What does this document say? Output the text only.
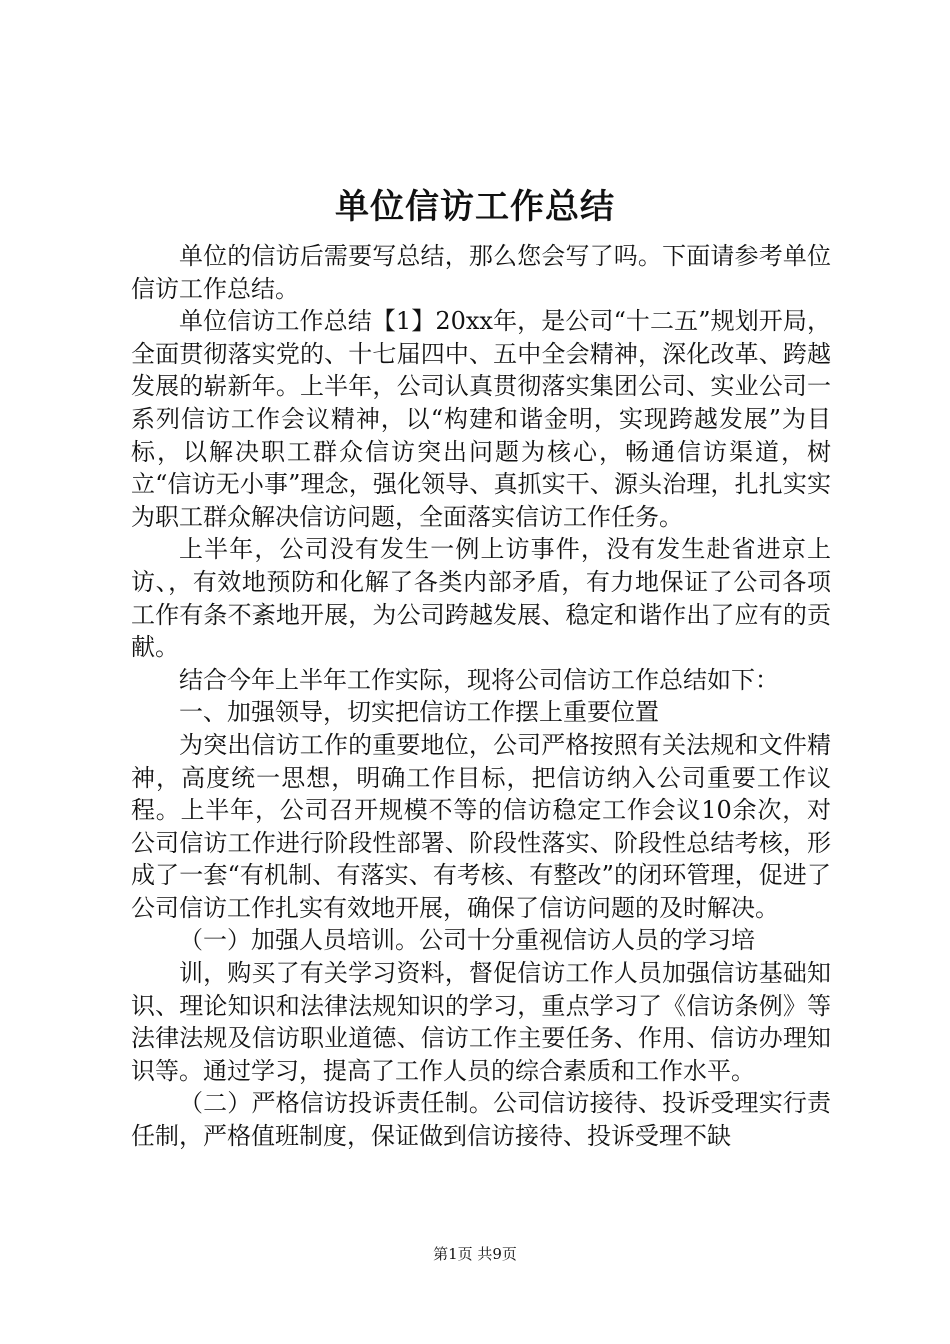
单位信访工作总结

单位的信访后需要写总结，那么您会写了吗。下面请参考单位信访工作总结。

单位信访工作总结【1】20xx年，是公司“十二五”规划开局，全面贯彻落实党的、十七届四中、五中全会精神，深化改革、跨越发展的崭新年。上半年，公司认真贯彻落实集团公司、实业公司一系列信访工作会议精神，以“构建和谐金明，实现跨越发展”为目标，以解决职工群众信访突出问题为核心，畅通信访渠道，树立“信访无小事”理念，强化领导、真抓实干、源头治理，扎扎实实为职工群众解决信访问题，全面落实信访工作任务。

上半年，公司没有发生一例上访事件，没有发生赴省进京上访、，有效地预防和化解了各类内部矛盾，有力地保证了公司各项工作有条不紊地开展，为公司跨越发展、稳定和谐作出了应有的贡献。

结合今年上半年工作实际，现将公司信访工作总结如下：

一、加强领导，切实把信访工作摆上重要位置

为突出信访工作的重要地位，公司严格按照有关法规和文件精神，高度统一思想，明确工作目标，把信访纳入公司重要工作议程。上半年，公司召开规模不等的信访稳定工作会议10余次，对公司信访工作进行阶段性部署、阶段性落实、阶段性总结考核，形成了一套“有机制、有落实、有考核、有整改”的闭环管理，促进了公司信访工作扎实有效地开展，确保了信访问题的及时解决。

（一）加强人员培训。公司十分重视信访人员的学习培

训，购买了有关学习资料，督促信访工作人员加强信访基础知识、理论知识和法律法规知识的学习，重点学习了《信访条例》等法律法规及信访职业道德、信访工作主要任务、作用、信访办理知识等。通过学习，提高了工作人员的综合素质和工作水平。

（二）严格信访投诉责任制。公司信访接待、投诉受理实行责任制，严格值班制度，保证做到信访接待、投诉受理不缺

第1页 共9页
